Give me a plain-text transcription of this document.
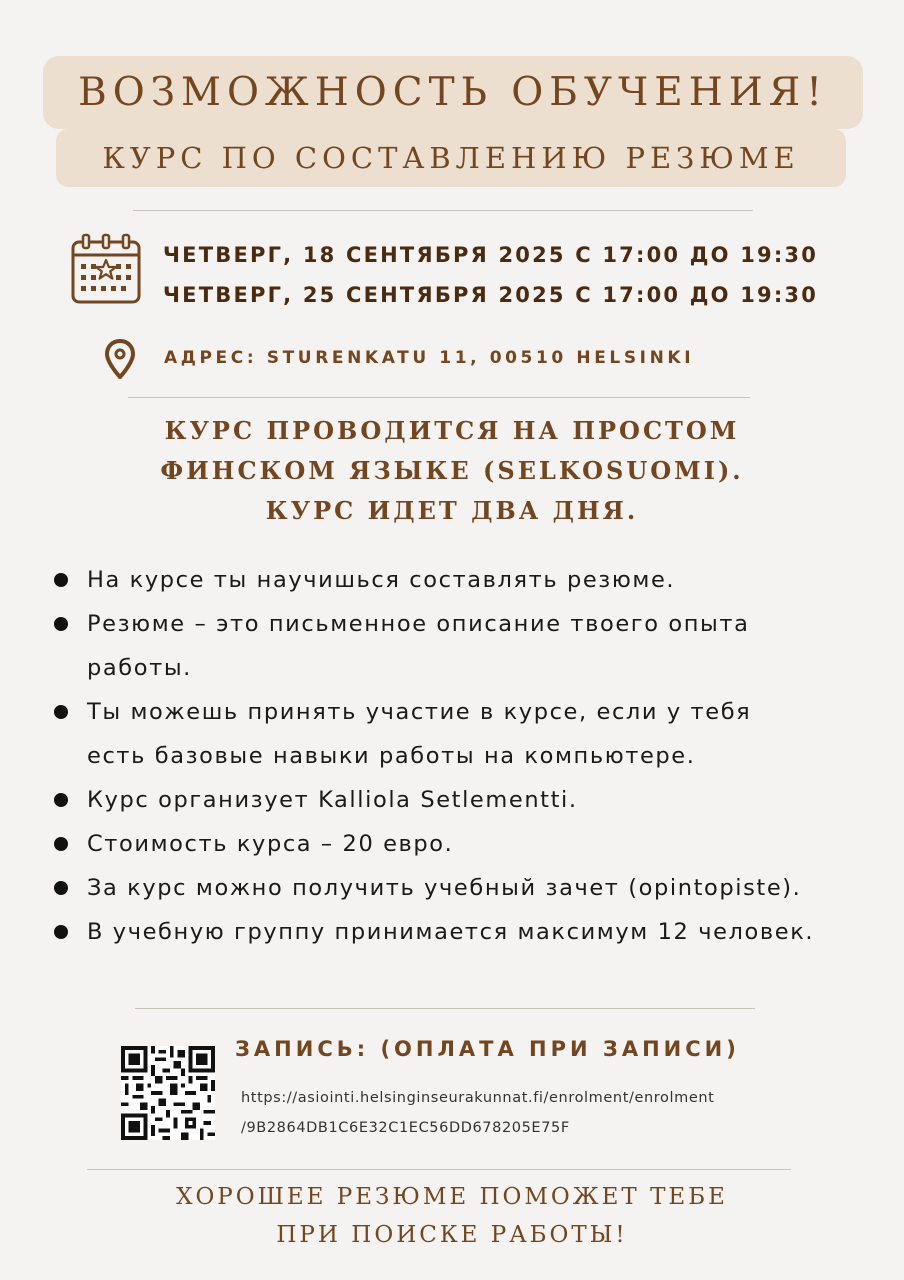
ВОЗМОЖНОСТЬ ОБУЧЕНИЯ!
КУРС ПО СОСТАВЛЕНИЮ РЕЗЮМЕ
ЧЕТВЕРГ, 18 СЕНТЯБРЯ 2025 С 17:00 ДО 19:30
ЧЕТВЕРГ, 25 СЕНТЯБРЯ 2025 С 17:00 ДО 19:30
АДРЕС: STURENKATU 11, 00510 HELSINKI
КУРС ПРОВОДИТСЯ НА ПРОСТОМ
ФИНСКОМ ЯЗЫКЕ (SELKOSUOMI).
КУРС ИДЕТ ДВА ДНЯ.
На курсе ты научишься составлять резюме.
Резюме – это письменное описание твоего опыта
работы.
Ты можешь принять участие в курсе, если у тебя
есть базовые навыки работы на компьютере.
Курс организует Kalliola Setlementti.
Стоимость курса – 20 евро.
За курс можно получить учебный зачет (opintopiste).
В учебную группу принимается максимум 12 человек.
ЗАПИСЬ: (ОПЛАТА ПРИ ЗАПИСИ)
https://asiointi.helsinginseurakunnat.fi/enrolment/enrolment
/9B2864DB1C6E32C1EC56DD678205E75F
ХОРОШЕЕ РЕЗЮМЕ ПОМОЖЕТ ТЕБЕ
ПРИ ПОИСКЕ РАБОТЫ!
